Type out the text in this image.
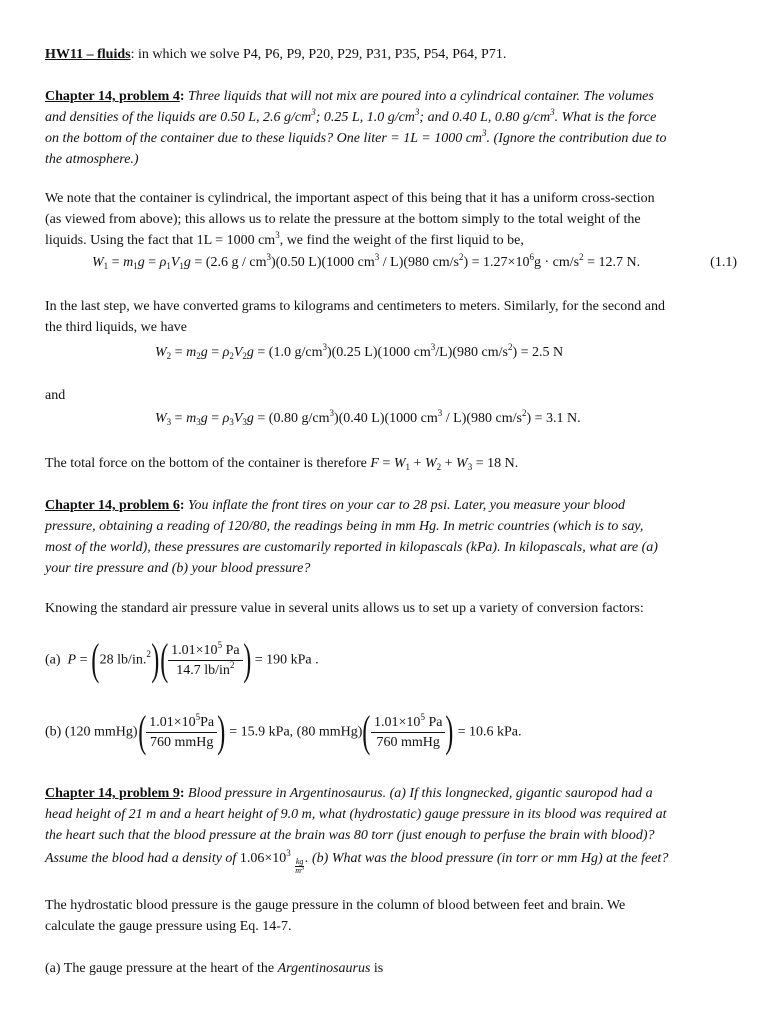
HW11 – fluids: in which we solve P4, P6, P9, P20, P29, P31, P35, P54, P64, P71.
Chapter 14, problem 4: Three liquids that will not mix are poured into a cylindrical container. The volumes
and densities of the liquids are 0.50 L, 2.6 $g/cm^3$; 0.25 L, 1.0 $g/cm^3$; and 0.40 L, 0.80 $g/cm^3$. What is the force
on the bottom of the container due to these liquids? One liter = 1L = 1000 $cm^3$. (Ignore the contribution due to
the atmosphere.)
We note that the container is cylindrical, the important aspect of this being that it has a uniform cross-section
(as viewed from above); this allows us to relate the pressure at the bottom simply to the total weight of the
liquids. Using the fact that 1L = 1000 $cm^3$, we find the weight of the first liquid to be,
$W_1 = m_1g = \rho_1V_1g = (2.6$ g / $cm^3)(0.50$ L)(1000 $cm^3 / L)(980$ $cm/s^2) = 1.27\times 10^6g \cdot cm/s^2 = 12.7$ N.	(1.1)
In the last step, we have converted grams to kilograms and centimeters to meters. Similarly, for the second and
the third liquids, we have
$W_2 = m_2g = \rho_2V_2g = (1.0$ $g/cm^3)(0.25$ L)(1000 $cm^3/L)(980$ $cm/s^2) = 2.5$ N
and
$W_3 = m_3g = \rho_3V_3g = (0.80$ $g/cm^3)(0.40$ L)(1000 $cm^3 / L)(980$ $cm/s^2) = 3.1$ N.
The total force on the bottom of the container is therefore $F = W_1 + W_2 + W_3 = 18$ N.
Chapter 14, problem 6: You inflate the front tires on your car to 28 psi. Later, you measure your blood
pressure, obtaining a reading of 120/80, the readings being in mm Hg. In metric countries (which is to say,
most of the world), these pressures are customarily reported in kilopascals (kPa). In kilopascals, what are (a)
your tire pressure and (b) your blood pressure?
Knowing the standard air pressure value in several units allows us to set up a variety of conversion factors:
(a) P = (28 $lb/in.^2)( \frac{1.01\times 10^5 Pa}{14.7 lb/in^2}$ ) = 190 kPa .
(b) (120 mmHg)( $\frac{1.01\times 10^5Pa}{\text{760 mmHg}}$ ) = 15.9 kPa, (80 mmHg)( $\frac{1.01\times 10^5 Pa}{\text{760 mmHg}}$ ) = 10.6 kPa.
Chapter 14, problem 9: Blood pressure in Argentinosaurus. (a) If this longnecked, gigantic sauropod had a
head height of 21 m and a heart height of 9.0 m, what (hydrostatic) gauge pressure in its blood was required at
the heart such that the blood pressure at the brain was 80 torr (just enough to perfuse the brain with blood)?
Assume the blood had a density of $1.06\times 10^3$
$\frac{kg}{m^3}$ . (b) What was the blood pressure (in torr or mm Hg) at the feet?
The hydrostatic blood pressure is the gauge pressure in the column of blood between feet and brain. We
calculate the gauge pressure using Eq. 14-7.
(a) The gauge pressure at the heart of the Argentinosaurus is
